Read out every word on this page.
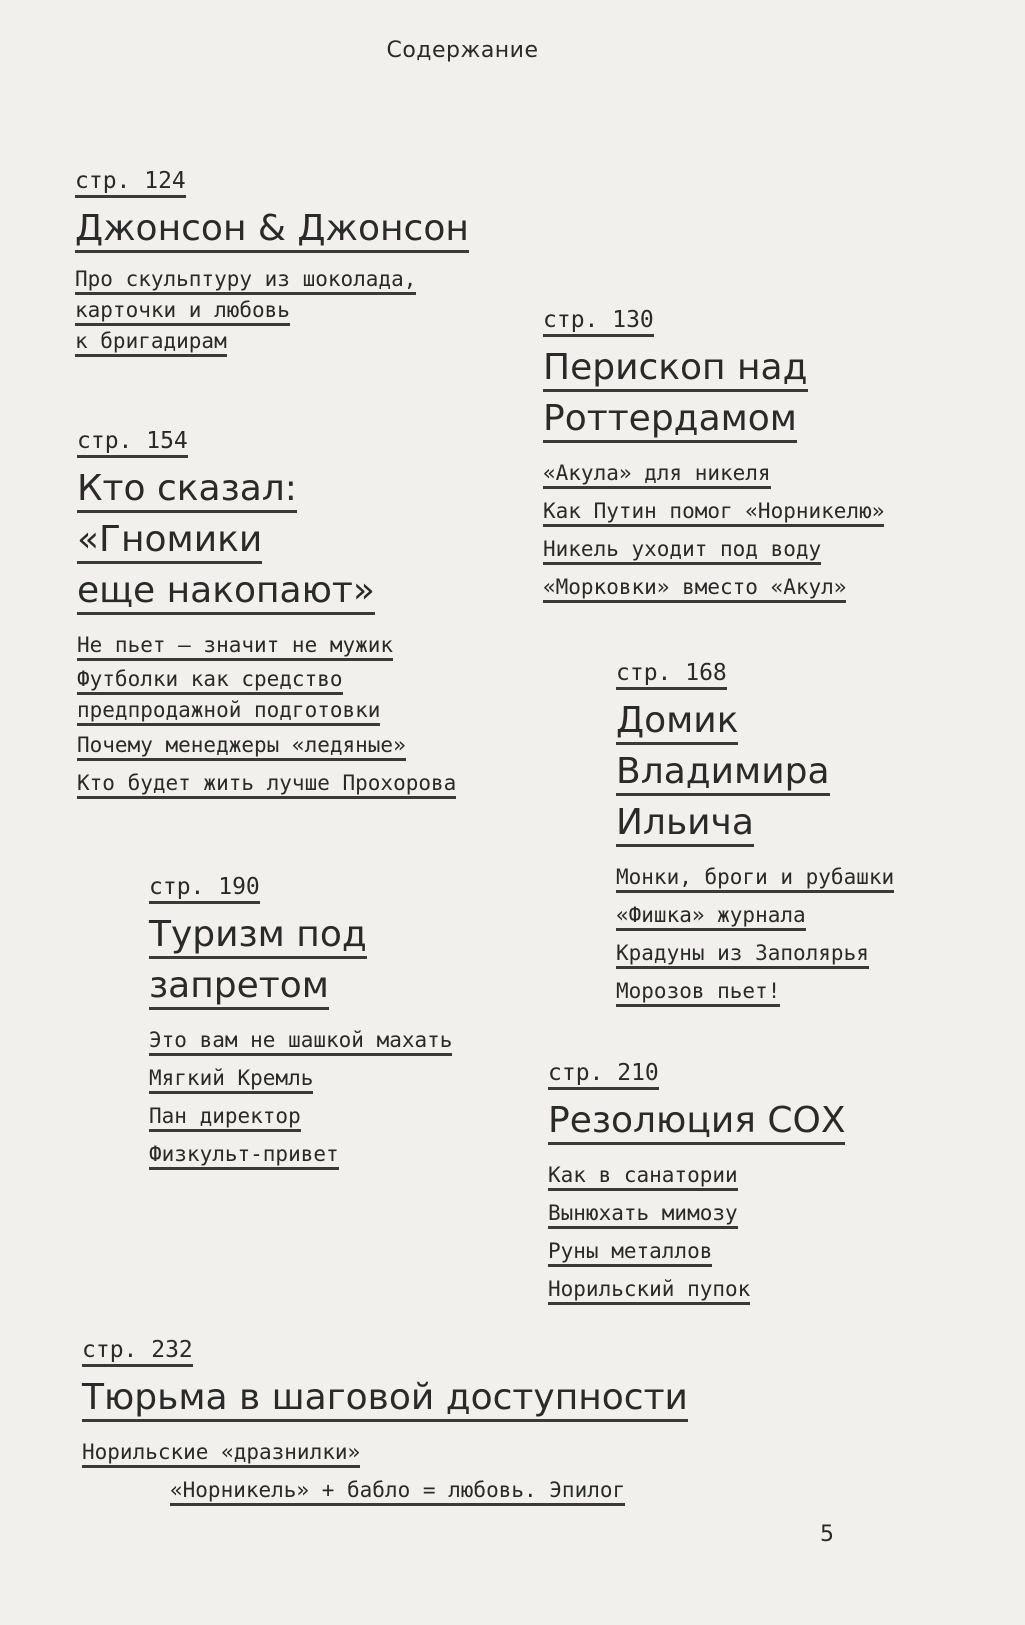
Содержание
стр. 124
Джонсон & Джонсон
Про скульптуру из шоколада,
карточки и любовь
к бригадирам
стр. 130
Перископ над
Роттердамом
«Акула» для никеля
Как Путин помог «Норникелю»
Никель уходит под воду
«Морковки» вместо «Акул»
стр. 154
Кто сказал:
«Гномики
еще накопают»
Не пьет – значит не мужик
Футболки как средство
предпродажной подготовки
Почему менеджеры «ледяные»
Кто будет жить лучше Прохорова
стр. 168
Домик
Владимира
Ильича
Монки, броги и рубашки
«Фишка» журнала
Крадуны из Заполярья
Морозов пьет!
стр. 190
Туризм под
запретом
Это вам не шашкой махать
Мягкий Кремль
Пан директор
Физкульт-привет
стр. 210
Резолюция СОХ
Как в санатории
Вынюхать мимозу
Руны металлов
Норильский пупок
стр. 232
Тюрьма в шаговой доступности
Норильские «дразнилки»
«Норникель» + бабло = любовь. Эпилог
5
